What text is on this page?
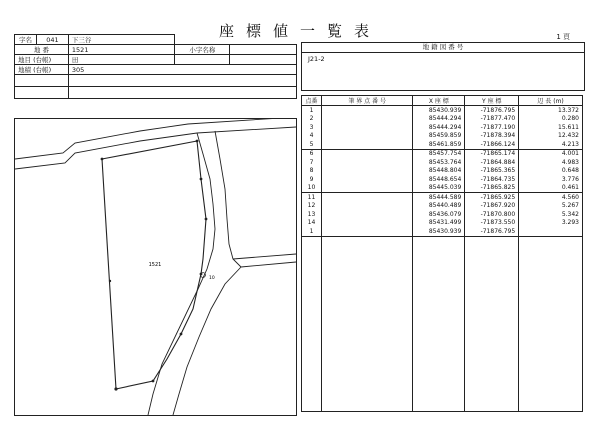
座標値一覧表	1 頁
字名	041	下三谷		
地 番		1521	小字名称	
地目 (台帳)		田		
地積 (台帳)		305		

地 籍 図 番 号
J21-2
1521
10
点番	筆 界 点 番 号	X 座 標	Y 座 標	辺 長 (m)
1		85430.939	-71876.795	13.372
2		85444.294	-71877.470	0.280
3		85444.294	-71877.190	15.611
4		85459.859	-71878.394	12.432
5		85461.859	-71866.124	4.213
6		85457.754	-71865.174	4.001
7		85453.764	-71864.884	4.983
8		85448.804	-71865.365	0.648
9		85448.654	-71864.735	3.776
10		85445.039	-71865.825	0.461
11		85444.589	-71865.925	4.560
12		85440.489	-71867.920	5.267
13		85436.079	-71870.800	5.342
14		85431.499	-71873.550	3.293
1		85430.939	-71876.795	
